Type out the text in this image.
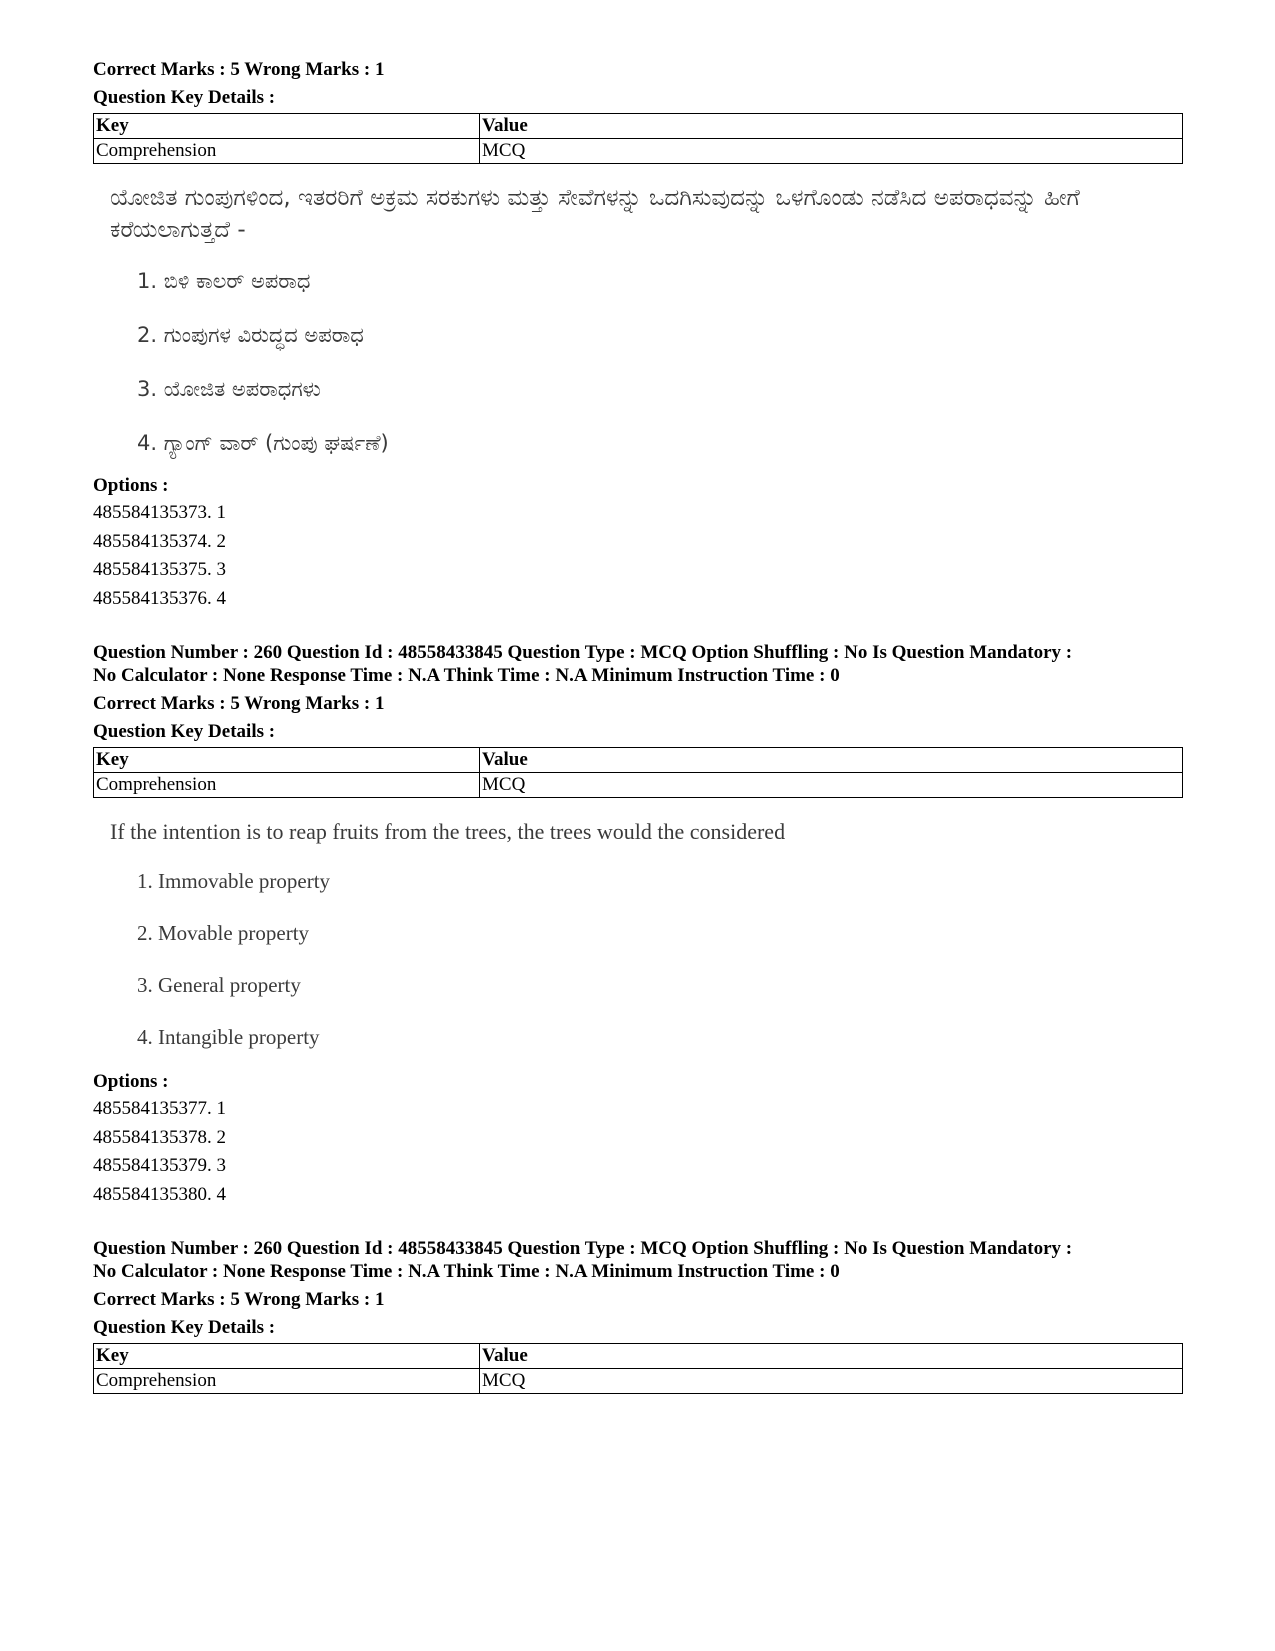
Correct Marks : 5 Wrong Marks : 1

Question Key Details :

Key	Value
Comprehension	MCQ

ಯೋಜಿತ ಗುಂಪುಗಳಿಂದ, ಇತರರಿಗೆ ಅಕ್ರಮ ಸರಕುಗಳು ಮತ್ತು ಸೇವೆಗಳನ್ನು ಒದಗಿಸುವುದನ್ನು ಒಳಗೊಂಡು ನಡೆಸಿದ ಅಪರಾಧವನ್ನು ಹೀಗೆ ಕರೆಯಲಾಗುತ್ತದೆ -

1. ಬಿಳಿ ಕಾಲರ್ ಅಪರಾಧ
2. ಗುಂಪುಗಳ ವಿರುದ್ಧದ ಅಪರಾಧ
3. ಯೋಜಿತ ಅಪರಾಧಗಳು
4. ಗ್ಯಾಂಗ್ ವಾರ್ (ಗುಂಪು ಘರ್ಷಣೆ)

Options :

485584135373. 1
485584135374. 2
485584135375. 3
485584135376. 4

Question Number : 260 Question Id : 48558433845 Question Type : MCQ Option Shuffling : No Is Question Mandatory :

No Calculator : None Response Time : N.A Think Time : N.A Minimum Instruction Time : 0

Correct Marks : 5 Wrong Marks : 1

Question Key Details :

Key	Value
Comprehension	MCQ

If the intention is to reap fruits from the trees, the trees would the considered

1. Immovable property
2. Movable property
3. General property
4. Intangible property

Options :

485584135377. 1
485584135378. 2
485584135379. 3
485584135380. 4

Question Number : 260 Question Id : 48558433845 Question Type : MCQ Option Shuffling : No Is Question Mandatory :

No Calculator : None Response Time : N.A Think Time : N.A Minimum Instruction Time : 0

Correct Marks : 5 Wrong Marks : 1

Question Key Details :

Key	Value
Comprehension	MCQ
